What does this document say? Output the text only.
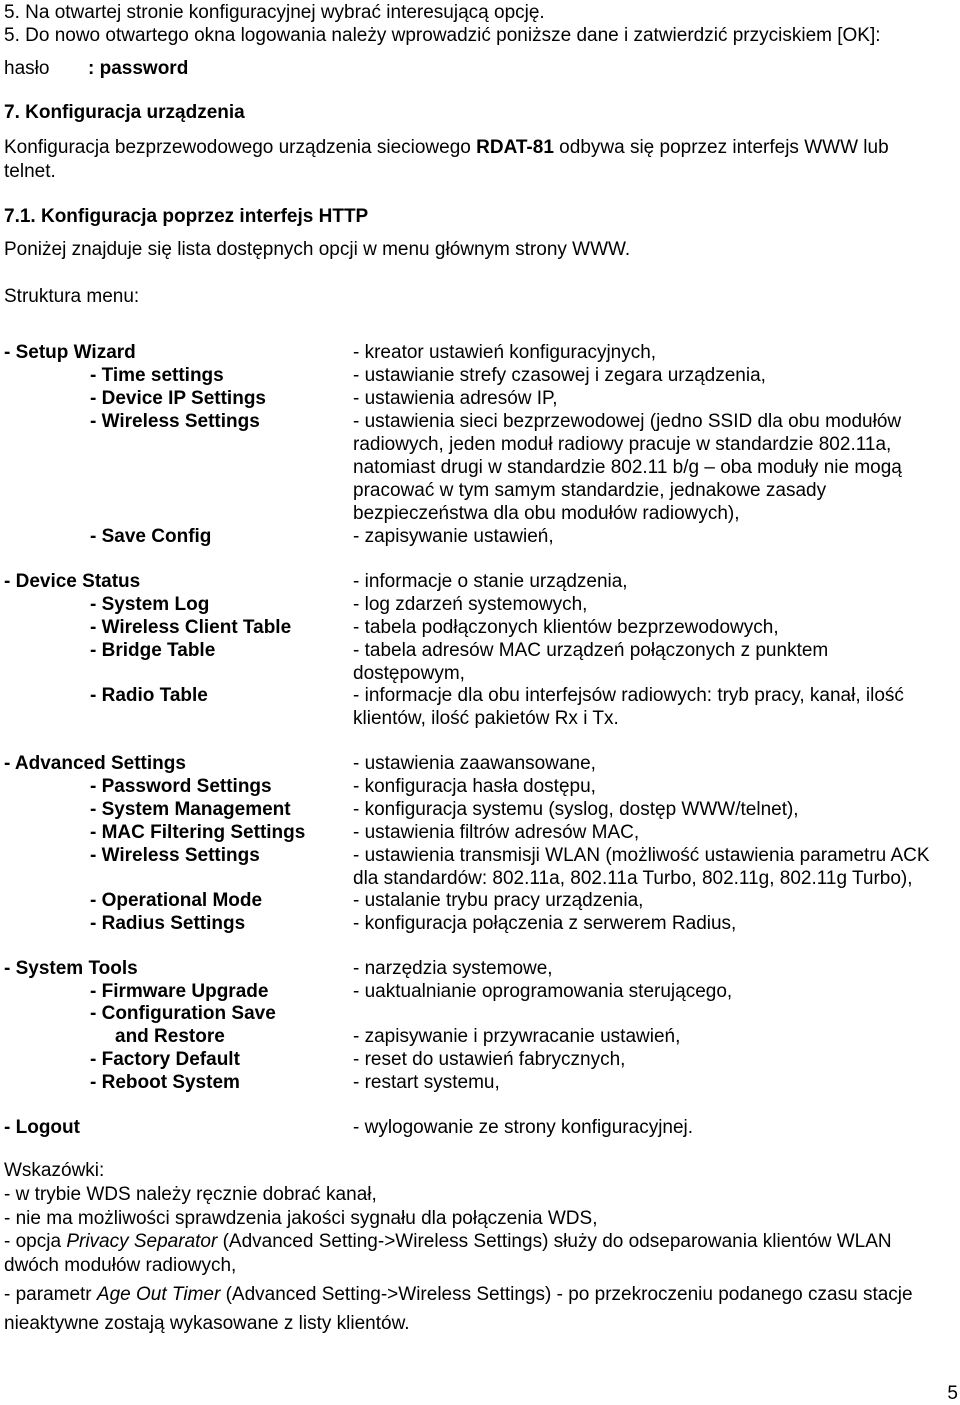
5. Na otwartej stronie konfiguracyjnej wybrać interesującą opcję.
5. Do nowo otwartego okna logowania należy wprowadzić poniższe dane i zatwierdzić przyciskiem [OK]:
hasło : password
7. Konfiguracja urządzenia
Konfiguracja bezprzewodowego urządzenia sieciowego RDAT-81 odbywa się poprzez interfejs WWW lub
telnet.
7.1. Konfiguracja poprzez interfejs HTTP
Poniżej znajduje się lista dostępnych opcji w menu głównym strony WWW.
Struktura menu:
- Setup Wizard	- kreator ustawień konfiguracyjnych,
- Time settings	- ustawianie strefy czasowej i zegara urządzenia,
- Device IP Settings	- ustawienia adresów IP,
- Wireless Settings	- ustawienia sieci bezprzewodowej (jedno SSID dla obu modułów
radiowych, jeden moduł radiowy pracuje w standardzie 802.11a,
natomiast drugi w standardzie 802.11 b/g – oba moduły nie mogą
pracować w tym samym standardzie, jednakowe zasady
bezpieczeństwa dla obu modułów radiowych),
- Save Config	- zapisywanie ustawień,
- Device Status	- informacje o stanie urządzenia,
- System Log	- log zdarzeń systemowych,
- Wireless Client Table	- tabela podłączonych klientów bezprzewodowych,
- Bridge Table	- tabela adresów MAC urządzeń połączonych z punktem
dostępowym,
- Radio Table	- informacje dla obu interfejsów radiowych: tryb pracy, kanał, ilość
klientów, ilość pakietów Rx i Tx.
- Advanced Settings	- ustawienia zaawansowane,
- Password Settings	- konfiguracja hasła dostępu,
- System Management	- konfiguracja systemu (syslog, dostęp WWW/telnet),
- MAC Filtering Settings	- ustawienia filtrów adresów MAC,
- Wireless Settings	- ustawienia transmisji WLAN (możliwość ustawienia parametru ACK
dla standardów: 802.11a, 802.11a Turbo, 802.11g, 802.11g Turbo),
- Operational Mode	- ustalanie trybu pracy urządzenia,
- Radius Settings	- konfiguracja połączenia z serwerem Radius,
- System Tools	- narzędzia systemowe,
- Firmware Upgrade	- uaktualnianie oprogramowania sterującego,
- Configuration Save
and Restore	- zapisywanie i przywracanie ustawień,
- Factory Default	- reset do ustawień fabrycznych,
- Reboot System	- restart systemu,
- Logout	- wylogowanie ze strony konfiguracyjnej.
Wskazówki:
- w trybie WDS należy ręcznie dobrać kanał,
- nie ma możliwości sprawdzenia jakości sygnału dla połączenia WDS,
- opcja Privacy Separator (Advanced Setting->Wireless Settings) służy do odseparowania klientów WLAN
dwóch modułów radiowych,
- parametr Age Out Timer (Advanced Setting->Wireless Settings) - po przekroczeniu podanego czasu stacje
nieaktywne zostają wykasowane z listy klientów.
5
